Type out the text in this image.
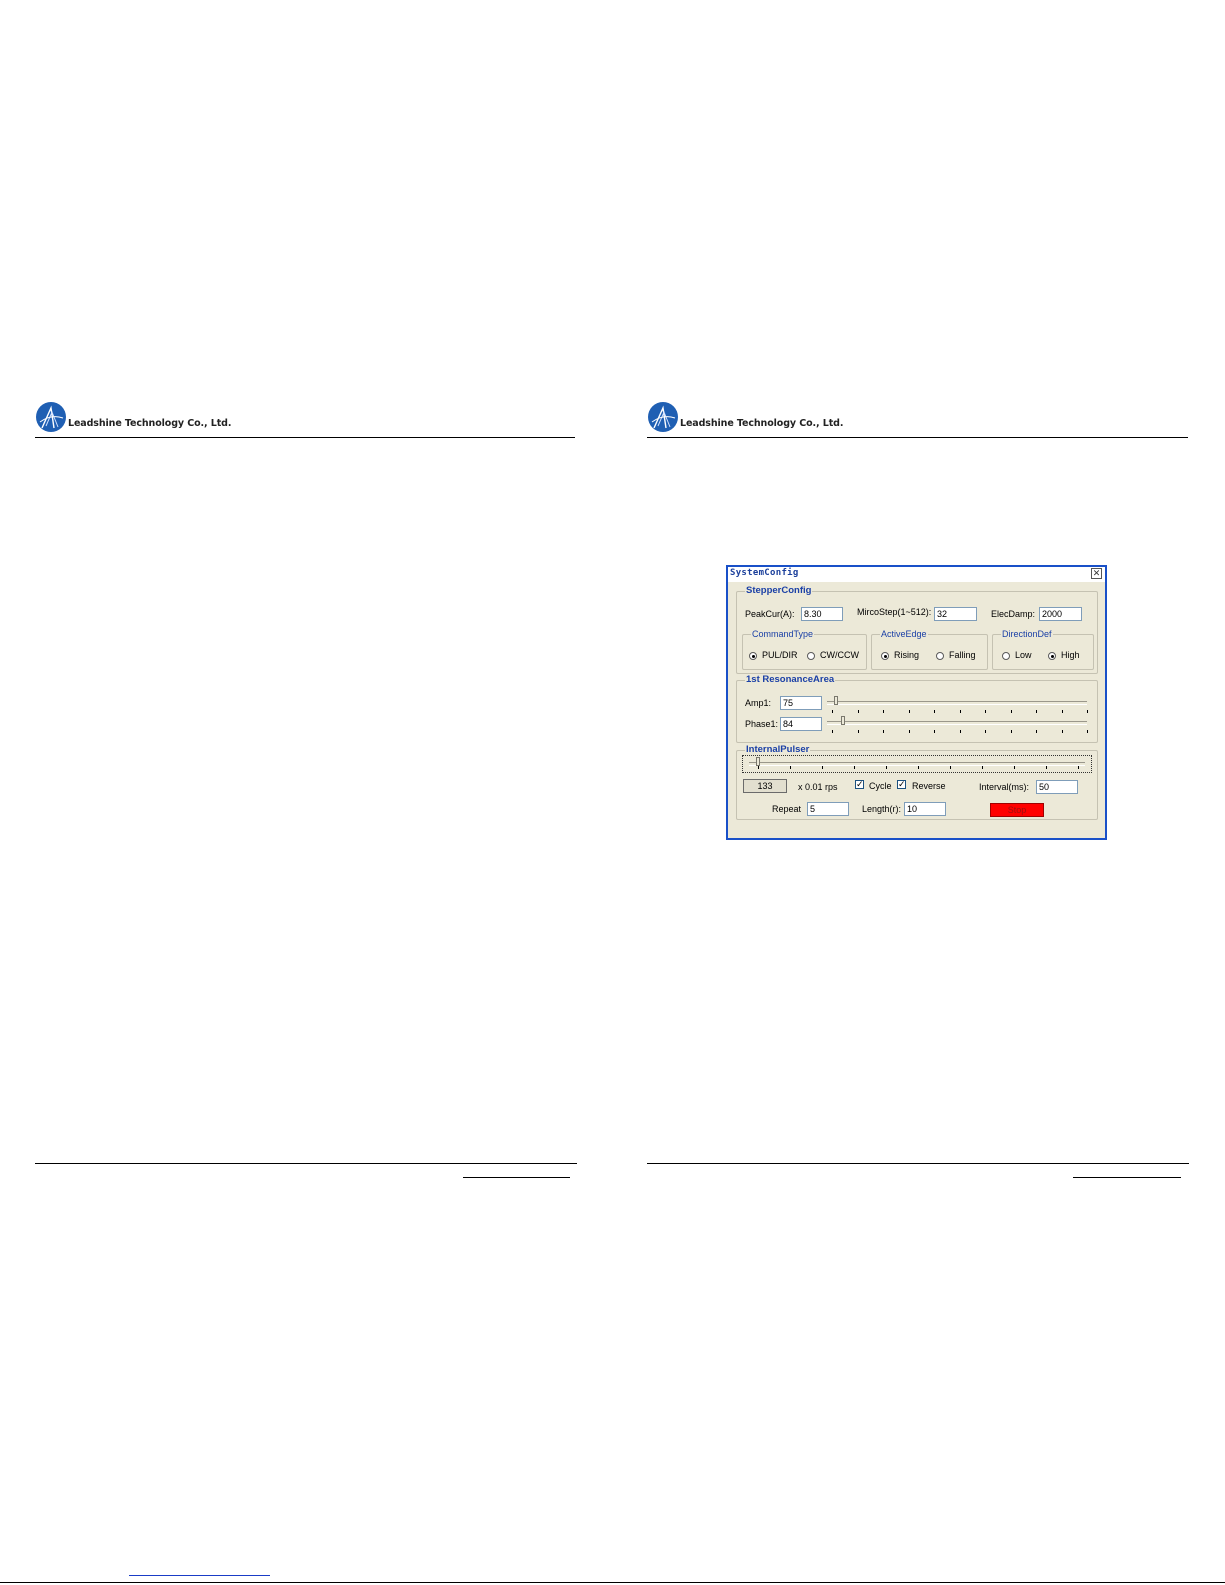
Leadshine Technology Co., Ltd.	Leadshine Technology Co., Ltd.
SystemConfig	✕
StepperConfig
PeakCur(A):	8.30	MircoStep(1~512): 32	ElecDamp: 2000
CommandType
PUL/DIR CW/CCW
ActiveEdge
Rising	Falling
DirectionDef
Low	High
1st ResonanceArea
Amp1:	75
Phase1: 84
InternalPulser
133	x 0.01 rps ✓ Cycle ✓ Reverse	Interval(ms):	50
Repeat 5	Length(r): 10	Stop
